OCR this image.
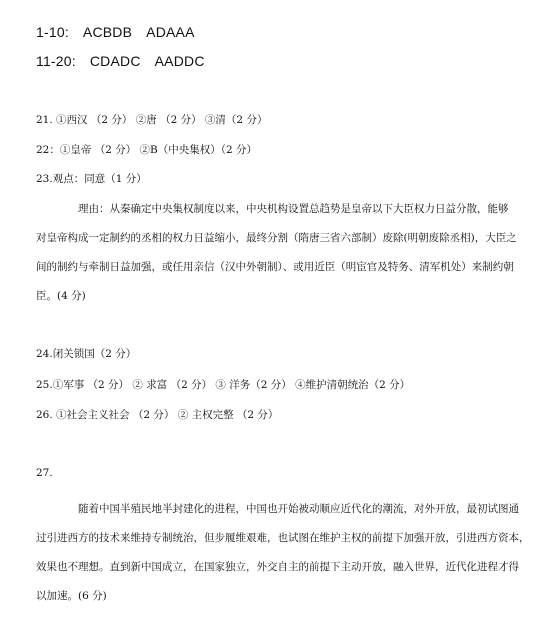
1-10: ACBDB ADAAA
11-20: CDADC AADDC
21. ①西汉 （2 分） ②唐 （2 分） ③清（2 分）
22：①皇帝 （2 分） ②B（中央集权）（2 分）
23.观点：同意（1 分）
理由：从秦确定中央集权制度以来，中央机构设置总趋势是皇帝以下大臣权力日益分散，能够
对皇帝构成一定制约的丞相的权力日益缩小，最终分割（隋唐三省六部制）废除(明朝废除丞相)，大臣之
间的制约与牵制日益加强，或任用亲信（汉中外朝制）、或用近臣（明宦官及特务、清军机处）来制约朝
臣。(4 分)
24.闭关锁国（2 分）
25.①军事 （2 分） ② 求富 （2 分） ③ 洋务（2 分） ④维护清朝统治（2 分）
26. ①社会主义社会 （2 分） ② 主权完整 （2 分）
27.
随着中国半殖民地半封建化的进程，中国也开始被动顺应近代化的潮流，对外开放，最初试图通
过引进西方的技术来维持专制统治，但步履维艰难，也试图在维护主权的前提下加强开放，引进西方资本，
效果也不理想。直到新中国成立，在国家独立，外交自主的前提下主动开放，融入世界，近代化进程才得
以加速。(6 分)
